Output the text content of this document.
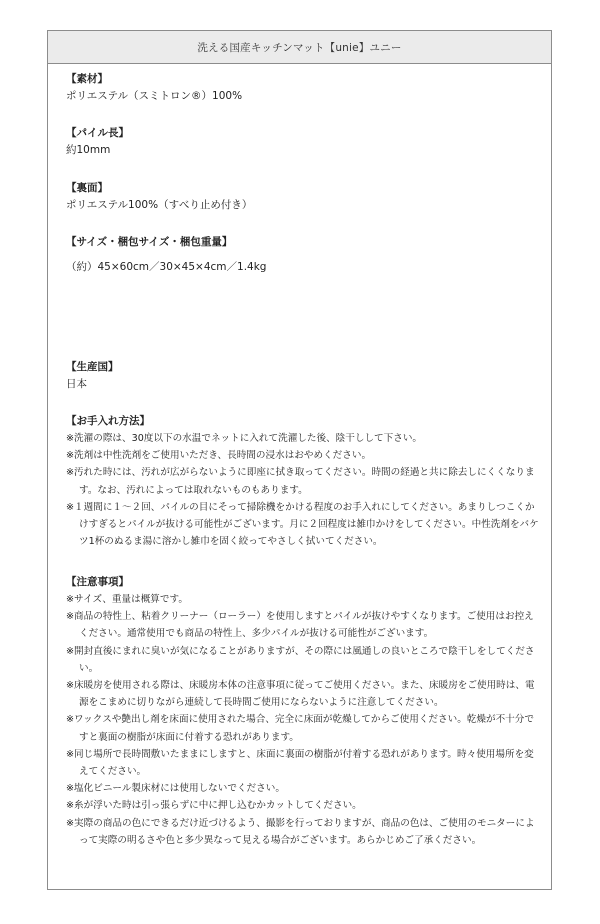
洗える国産キッチンマット【unie】ユニー
【素材】
ポリエステル（スミトロン®）100%
【パイル長】
約10mm
【裏面】
ポリエステル100%（すべり止め付き）
【サイズ・梱包サイズ・梱包重量】
（約）45×60cm／30×45×4cm／1.4kg
【生産国】
日本
【お手入れ方法】
※洗濯の際は、30度以下の水温でネットに入れて洗濯した後、陰干しして下さい。
※洗剤は中性洗剤をご使用いただき、長時間の浸水はおやめください。
※汚れた時には、汚れが広がらないように即座に拭き取ってください。時間の経過と共に除去しにくくなります。なお、汚れによっては取れないものもあります。
※１週間に１～２回、パイルの目にそって掃除機をかける程度のお手入れにしてください。あまりしつこくかけすぎるとパイルが抜ける可能性がございます。月に２回程度は雑巾かけをしてください。中性洗剤をバケツ1杯のぬるま湯に溶かし雑巾を固く絞ってやさしく拭いてください。
【注意事項】
※サイズ、重量は概算です。
※商品の特性上、粘着クリーナー（ローラー）を使用しますとパイルが抜けやすくなります。ご使用はお控えください。通常使用でも商品の特性上、多少パイルが抜ける可能性がございます。
※開封直後にまれに臭いが気になることがありますが、その際には風通しの良いところで陰干しをしてください。
※床暖房を使用される際は、床暖房本体の注意事項に従ってご使用ください。また、床暖房をご使用時は、電源をこまめに切りながら連続して長時間ご使用にならないように注意してください。
※ワックスや艶出し剤を床面に使用された場合、完全に床面が乾燥してからご使用ください。乾燥が不十分ですと裏面の樹脂が床面に付着する恐れがあります。
※同じ場所で長時間敷いたままにしますと、床面に裏面の樹脂が付着する恐れがあります。時々使用場所を変えてください。
※塩化ビニール製床材には使用しないでください。
※糸が浮いた時は引っ張らずに中に押し込むかカットしてください。
※実際の商品の色にできるだけ近づけるよう、撮影を行っておりますが、商品の色は、ご使用のモニターによって実際の明るさや色と多少異なって見える場合がございます。あらかじめご了承ください。
